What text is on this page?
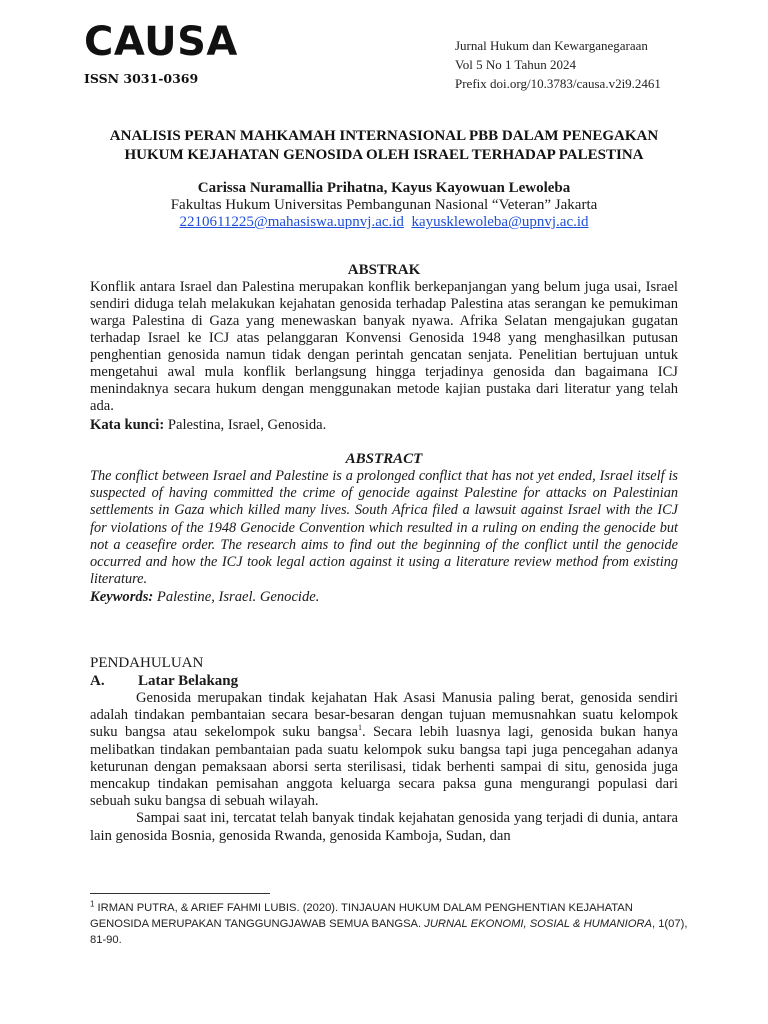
CAUSA
ISSN 3031-0369
Jurnal Hukum dan Kewarganegaraan
Vol 5 No 1 Tahun 2024
Prefix doi.org/10.3783/causa.v2i9.2461
ANALISIS PERAN MAHKAMAH INTERNASIONAL PBB DALAM PENEGAKAN
HUKUM KEJAHATAN GENOSIDA OLEH ISRAEL TERHADAP PALESTINA
Carissa Nuramallia Prihatna, Kayus Kayowuan Lewoleba
Fakultas Hukum Universitas Pembangunan Nasional “Veteran” Jakarta
2210611225@mahasiswa.upnvj.ac.id kayusklewoleba@upnvj.ac.id
ABSTRAK
Konflik antara Israel dan Palestina merupakan konflik berkepanjangan yang belum juga usai, Israel sendiri diduga telah melakukan kejahatan genosida terhadap Palestina atas serangan ke pemukiman warga Palestina di Gaza yang menewaskan banyak nyawa. Afrika Selatan mengajukan gugatan terhadap Israel ke ICJ atas pelanggaran Konvensi Genosida 1948 yang menghasilkan putusan penghentian genosida namun tidak dengan perintah gencatan senjata. Penelitian bertujuan untuk mengetahui awal mula konflik berlangsung hingga terjadinya genosida dan bagaimana ICJ menindaknya secara hukum dengan menggunakan metode kajian pustaka dari literatur yang telah ada.
Kata kunci: Palestina, Israel, Genosida.
ABSTRACT
The conflict between Israel and Palestine is a prolonged conflict that has not yet ended, Israel itself is suspected of having committed the crime of genocide against Palestine for attacks on Palestinian settlements in Gaza which killed many lives. South Africa filed a lawsuit against Israel with the ICJ for violations of the 1948 Genocide Convention which resulted in a ruling on ending the genocide but not a ceasefire order. The research aims to find out the beginning of the conflict until the genocide occurred and how the ICJ took legal action against it using a literature review method from existing literature.
Keywords: Palestine, Israel. Genocide.
PENDAHULUAN
A. Latar Belakang

Genosida merupakan tindak kejahatan Hak Asasi Manusia paling berat, genosida sendiri adalah tindakan pembantaian secara besar-besaran dengan tujuan memusnahkan suatu kelompok suku bangsa atau sekelompok suku bangsa$^1$. Secara lebih luasnya lagi, genosida bukan hanya melibatkan tindakan pembantaian pada suatu kelompok suku bangsa tapi juga pencegahan adanya keturunan dengan pemaksaan aborsi serta sterilisasi, tidak berhenti sampai di situ, genosida juga mencakup tindakan pemisahan anggota keluarga secara paksa guna mengurangi populasi dari sebuah suku bangsa di sebuah wilayah.

Sampai saat ini, tercatat telah banyak tindak kejahatan genosida yang terjadi di dunia, antara lain genosida Bosnia, genosida Rwanda, genosida Kamboja, Sudan, dan

$^1$ IRMAN PUTRA, & ARIEF FAHMI LUBIS. (2020). TINJAUAN HUKUM DALAM PENGHENTIAN KEJAHATAN GENOSIDA MERUPAKAN TANGGUNGJAWAB SEMUA BANGSA. JURNAL EKONOMI, SOSIAL & HUMANIORA, 1(07), 81-90.
